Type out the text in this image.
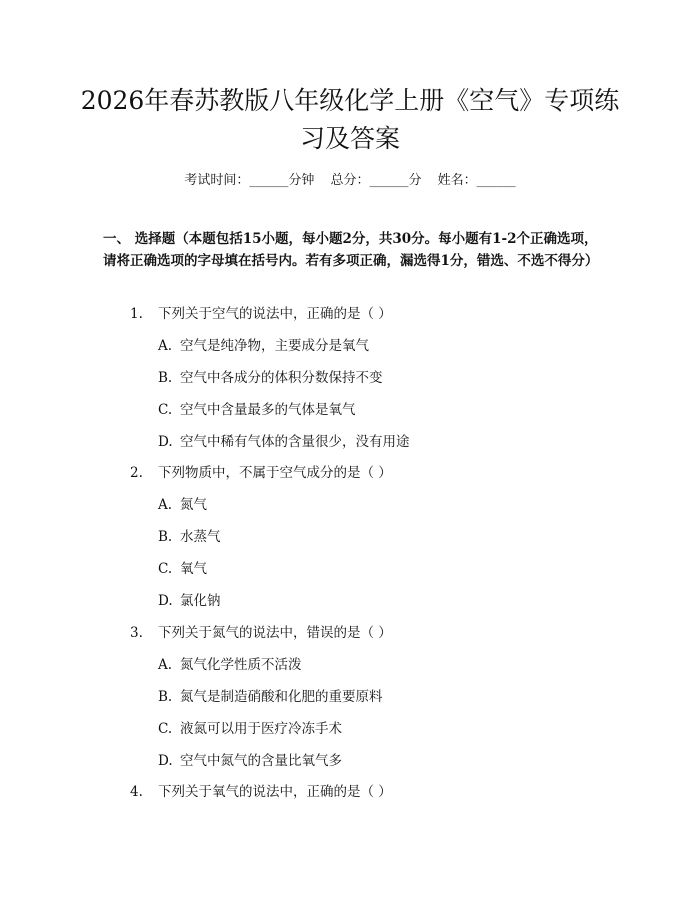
2026年春苏教版八年级化学上册《空气》专项练习及答案
考试时间：______分钟 总分：______分 姓名：______

一、 选择题（本题包括15小题，每小题2分，共30分。每小题有1-2个正确选项，请将正确选项的字母填在括号内。若有多项正确，漏选得1分，错选、不选不得分）

1. 下列关于空气的说法中，正确的是（ ）
A. 空气是纯净物，主要成分是氧气
B. 空气中各成分的体积分数保持不变
C. 空气中含量最多的气体是氧气
D. 空气中稀有气体的含量很少，没有用途
2. 下列物质中，不属于空气成分的是（ ）
A. 氮气
B. 水蒸气
C. 氧气
D. 氯化钠
3. 下列关于氮气的说法中，错误的是（ ）
A. 氮气化学性质不活泼
B. 氮气是制造硝酸和化肥的重要原料
C. 液氮可以用于医疗冷冻手术
D. 空气中氮气的含量比氧气多
4. 下列关于氧气的说法中，正确的是（ ）
